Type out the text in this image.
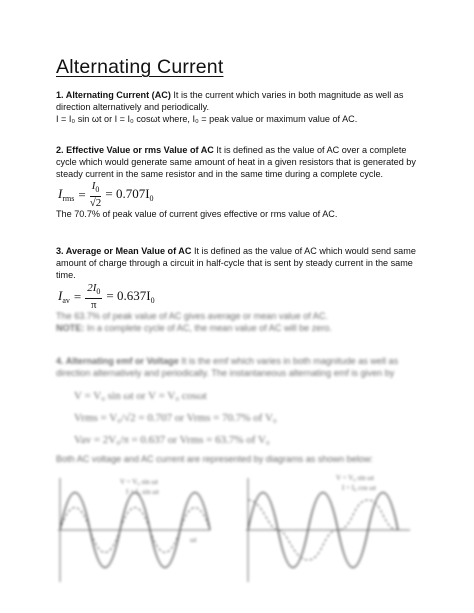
Alternating Current
1. Alternating Current (AC) It is the current which varies in both magnitude as well as direction alternatively and periodically.
I = I₀ sin ωt or I = I₀ cosωt where, I₀ = peak value or maximum value of AC.
2. Effective Value or rms Value of AC It is defined as the value of AC over a complete cycle which would generate same amount of heat in a given resistors that is generated by steady current in the same resistor and in the same time during a complete cycle.
$I_{rms} = \frac{I_0}{√2} = 0.707I_0$
The 70.7% of peak value of current gives effective or rms value of AC.
3. Average or Mean Value of AC It is defined as the value of AC which would send same amount of charge through a circuit in half-cycle that is sent by steady current in the same time.
$I_{av} = \frac{2I_0}{\pi} = 0.637I_0$
The 63.7% of peak value of AC gives average or mean value of AC.
NOTE: In a complete cycle of AC, the mean value of AC will be zero.
4. Alternating emf or Voltage It is the emf which varies in both magnitude as well as direction alternatively and periodically. The instantaneous alternating emf is given by
V = V₀ sin ωt or V = V₀ cosωt
Vrms = V₀/√2 = 0.707 or Vrms = 70.7% of V₀
Vav = 2V₀/π = 0.637 or Vrms = 63.7% of V₀
Both AC voltage and AC current are represented by diagrams as shown below:
V = V₀ sin ωt
I = I₀ sin ωt
ωt
V = V₀ sin ωt
I = I₀ cos ωt
